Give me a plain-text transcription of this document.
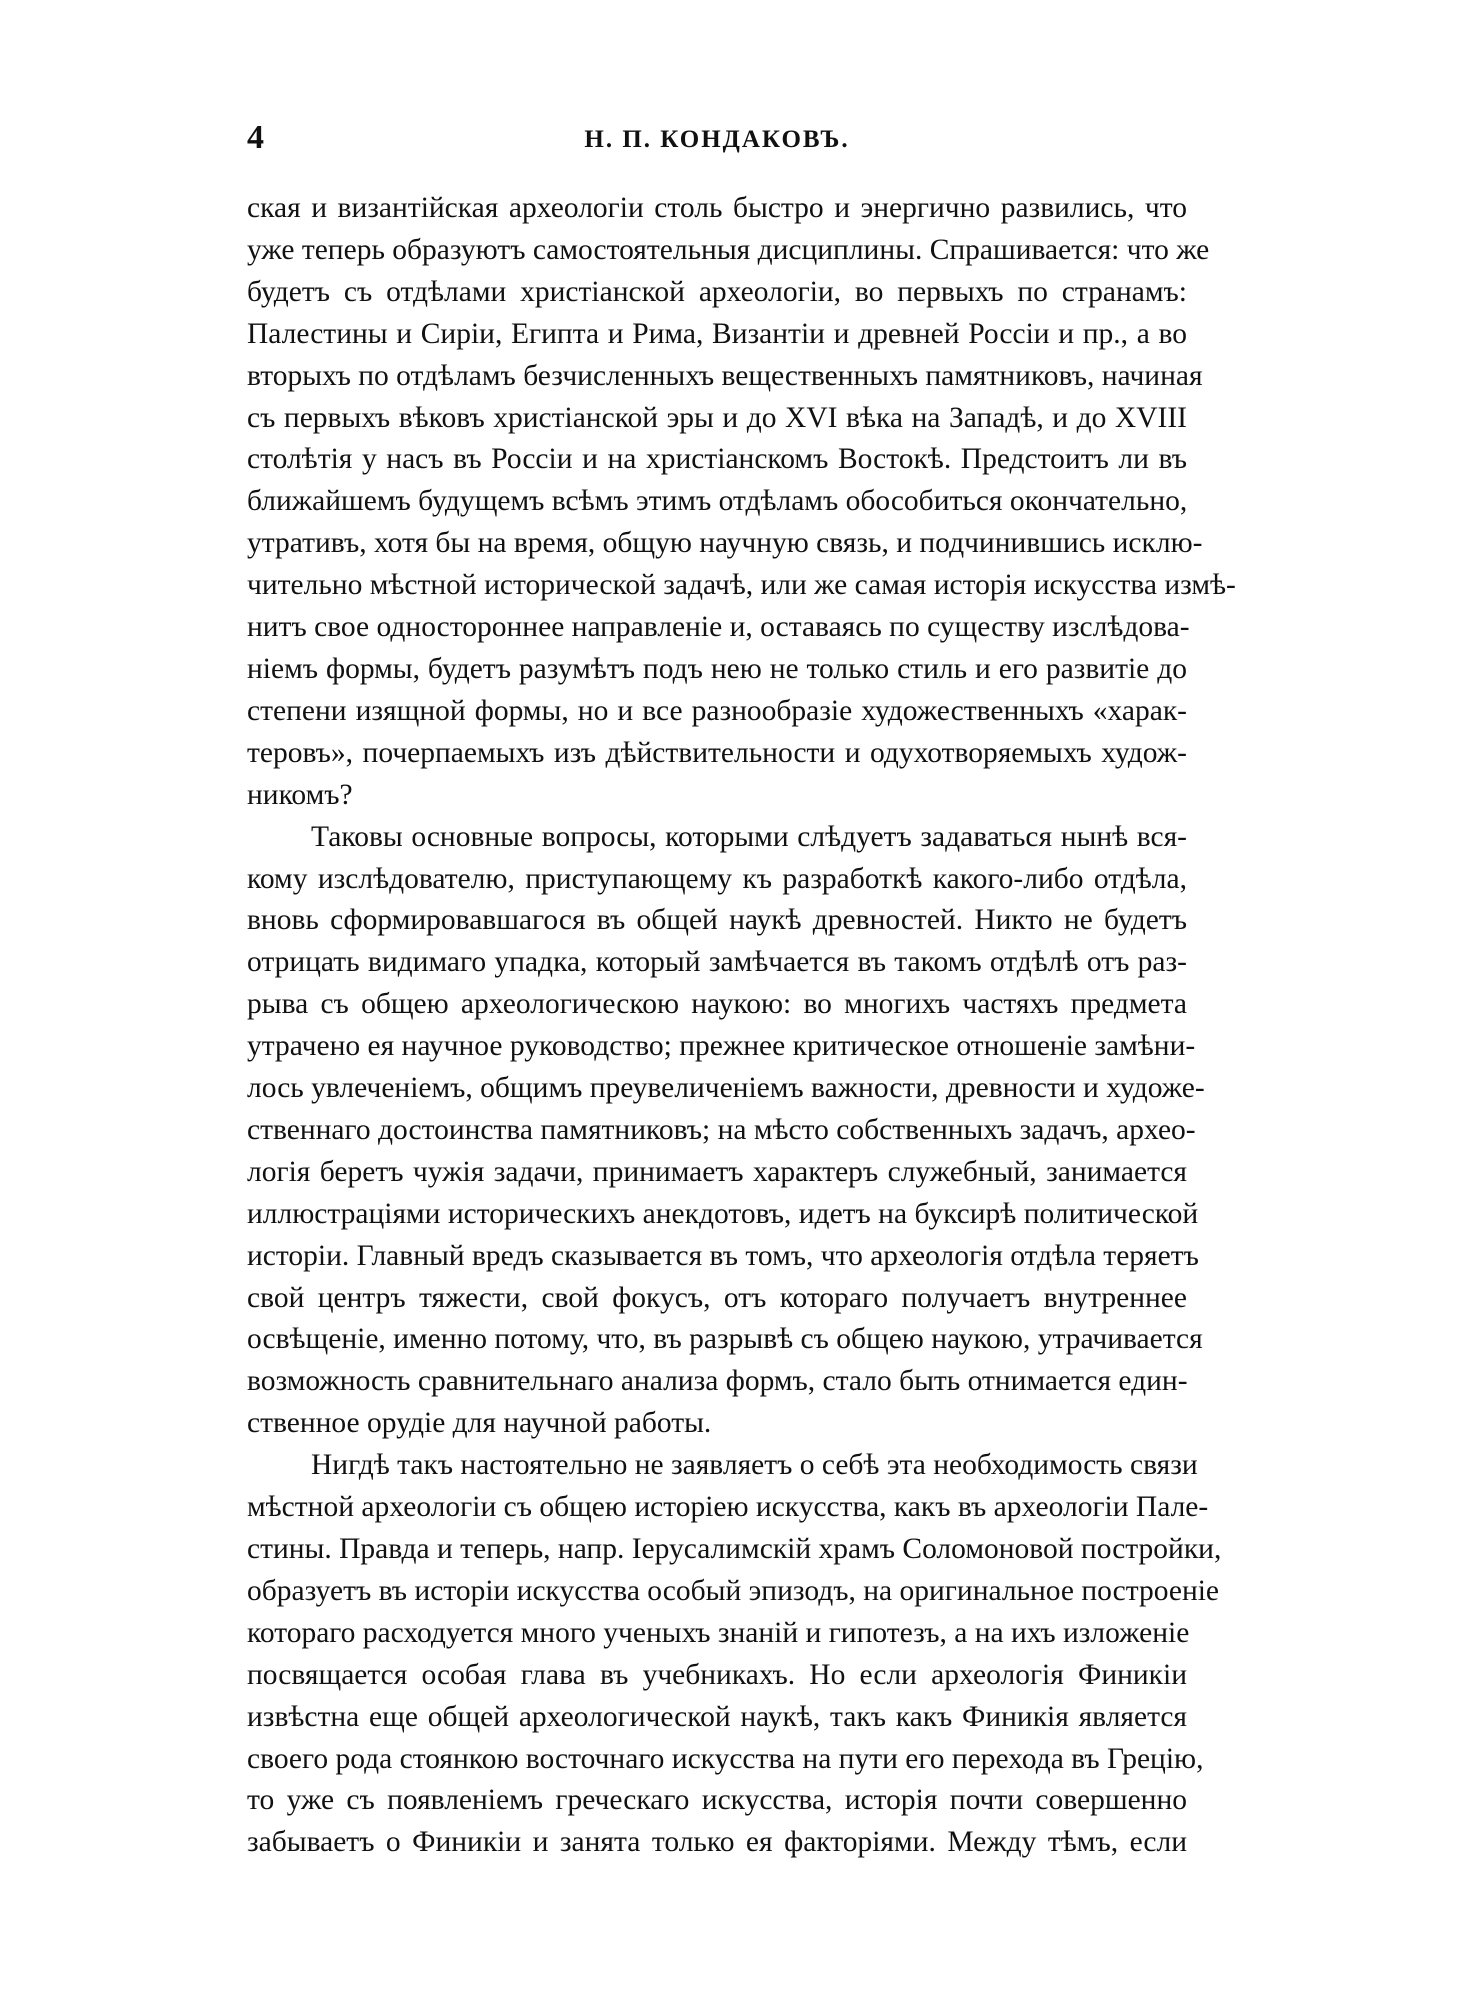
4	Н. П. КОНДАКОВЪ.

ская и византійская археологіи столь быстро и энергично развились, что
уже теперь образуютъ самостоятельныя дисциплины. Спрашивается: что же
будетъ съ отдѣлами христіанской археологіи, во первыхъ по странамъ:
Палестины и Сиріи, Египта и Рима, Византіи и древней Россіи и пр., а во
вторыхъ по отдѣламъ безчисленныхъ вещественныхъ памятниковъ, начиная
съ первыхъ вѣковъ христіанской эры и до XVI вѣка на Западѣ, и до XVIII
столѣтія у насъ въ Россіи и на христіанскомъ Востокѣ. Предстоитъ ли въ
ближайшемъ будущемъ всѣмъ этимъ отдѣламъ обособиться окончательно,
утративъ, хотя бы на время, общую научную связь, и подчинившись исклю-
чительно мѣстной исторической задачѣ, или же самая исторія искусства измѣ-
нитъ свое одностороннее направленіе и, оставаясь по существу изслѣдова-
ніемъ формы, будетъ разумѣтъ подъ нею не только стиль и его развитіе до
степени изящной формы, но и все разнообразіе художественныхъ «харак-
теровъ», почерпаемыхъ изъ дѣйствительности и одухотворяемыхъ худож-
никомъ?

Таковы основные вопросы, которыми слѣдуетъ задаваться нынѣ вся-
кому изслѣдователю, приступающему къ разработкѣ какого-либо отдѣла,
вновь сформировавшагося въ общей наукѣ древностей. Никто не будетъ
отрицать видимаго упадка, который замѣчается въ такомъ отдѣлѣ отъ раз-
рыва съ общею археологическою наукою: во многихъ частяхъ предмета
утрачено ея научное руководство; прежнее критическое отношеніе замѣни-
лось увлеченіемъ, общимъ преувеличеніемъ важности, древности и художе-
ственнаго достоинства памятниковъ; на мѣсто собственныхъ задачъ, архео-
логія беретъ чужія задачи, принимаетъ характеръ служебный, занимается
иллюстраціями историческихъ анекдотовъ, идетъ на буксирѣ политической
исторіи. Главный вредъ сказывается въ томъ, что археологія отдѣла теряетъ
свой центръ тяжести, свой фокусъ, отъ котораго получаетъ внутреннее
освѣщеніе, именно потому, что, въ разрывѣ съ общею наукою, утрачивается
возможность сравнительнаго анализа формъ, стало быть отнимается един-
ственное орудіе для научной работы.

Нигдѣ такъ настоятельно не заявляетъ о себѣ эта необходимость связи
мѣстной археологіи съ общею исторіею искусства, какъ въ археологіи Пале-
стины. Правда и теперь, напр. Іерусалимскій храмъ Соломоновой постройки,
образуетъ въ исторіи искусства особый эпизодъ, на оригинальное построеніе
котораго расходуется много ученыхъ знаній и гипотезъ, а на ихъ изложеніе
посвящается особая глава въ учебникахъ. Но если археологія Финикіи
извѣстна еще общей археологической наукѣ, такъ какъ Финикія является
своего рода стоянкою восточнаго искусства на пути его перехода въ Грецію,
то уже съ появленіемъ греческаго искусства, исторія почти совершенно
забываетъ о Финикіи и занята только ея факторіями. Между тѣмъ, если
